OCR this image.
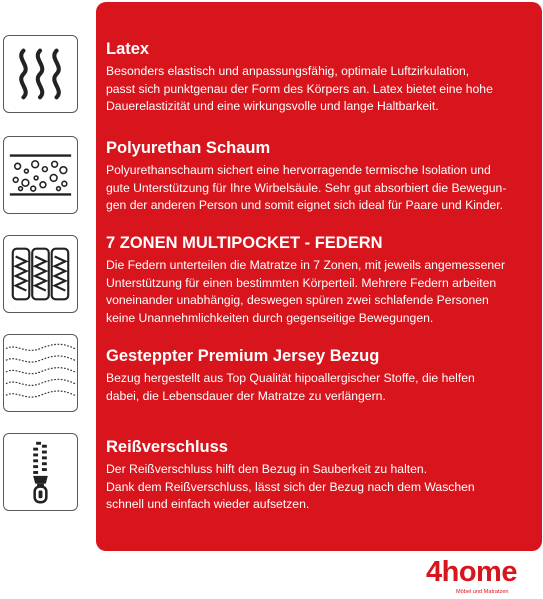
Latex

Besonders elastisch und anpassungsfähig, optimale Luftzirkulation,
passt sich punktgenau der Form des Körpers an. Latex bietet eine hohe
Dauerelastizität und eine wirkungsvolle und lange Haltbarkeit.

Polyurethan Schaum

Polyurethanschaum sichert eine hervorragende termische Isolation und
gute Unterstützung für Ihre Wirbelsäule. Sehr gut absorbiert die Bewegun-
gen der anderen Person und somit eignet sich ideal für Paare und Kinder.

7 ZONEN MULTIPOCKET - FEDERN

Die Federn unterteilen die Matratze in 7 Zonen, mit jeweils angemessener
Unterstützung für einen bestimmten Körperteil. Mehrere Federn arbeiten
voneinander unabhängig, deswegen spüren zwei schlafende Personen
keine Unannehmlichkeiten durch gegenseitige Bewegungen.

Gesteppter Premium Jersey Bezug

Bezug hergestellt aus Top Qualität hipoallergischer Stoffe, die helfen
dabei, die Lebensdauer der Matratze zu verlängern.

Reißverschluss

Der Reißverschluss hilft den Bezug in Sauberkeit zu halten.
Dank dem Reißverschluss, lässt sich der Bezug nach dem Waschen
schnell und einfach wieder aufsetzen.

4home
Möbel und Matratzen
